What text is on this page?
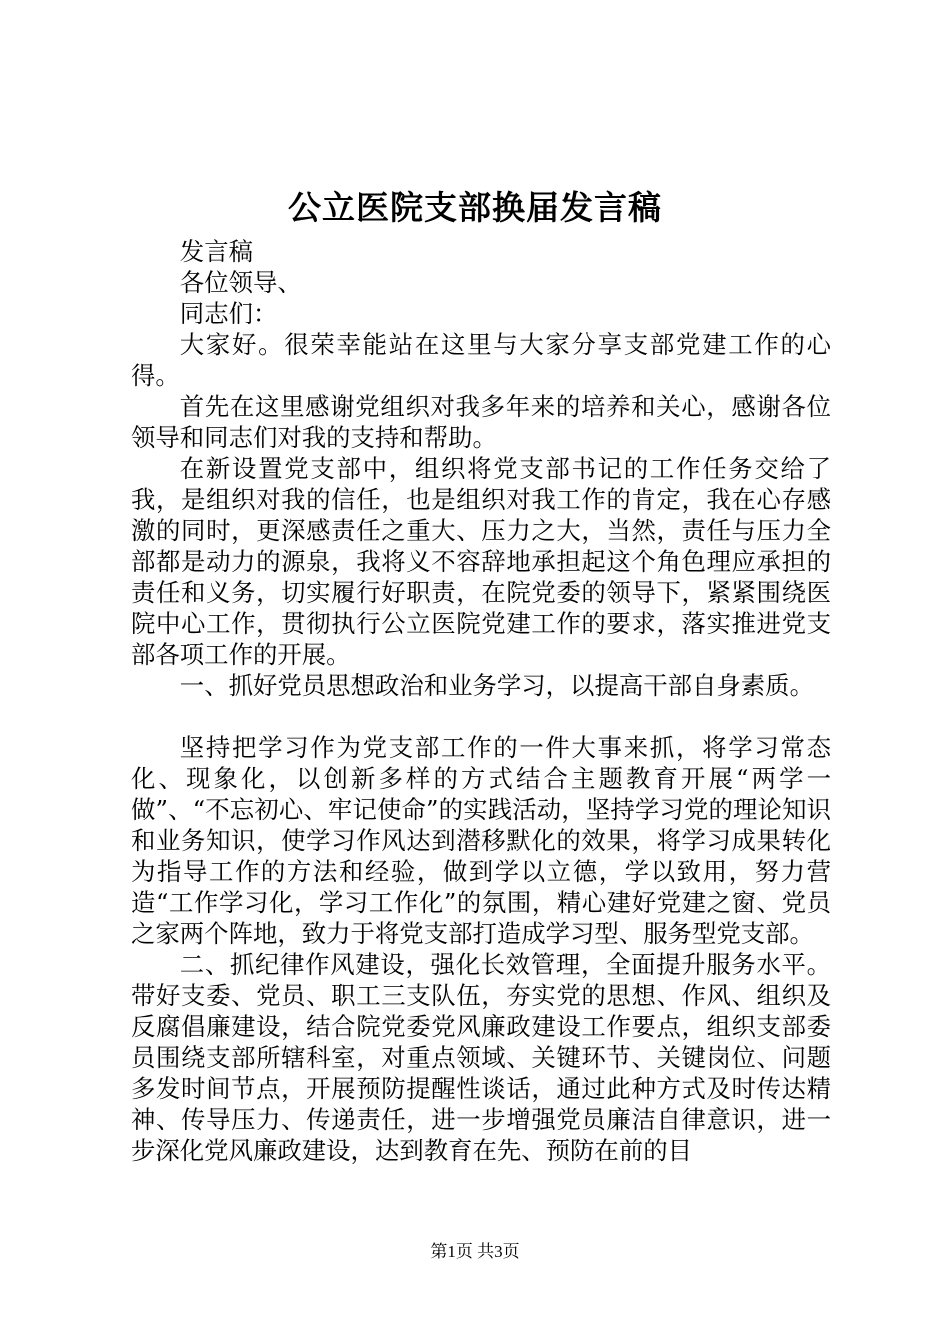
公立医院支部换届发言稿

发言稿

各位领导、

同志们：

大家好。很荣幸能站在这里与大家分享支部党建工作的心得。

首先在这里感谢党组织对我多年来的培养和关心，感谢各位领导和同志们对我的支持和帮助。

在新设置党支部中，组织将党支部书记的工作任务交给了我，是组织对我的信任，也是组织对我工作的肯定，我在心存感激的同时，更深感责任之重大、压力之大，当然，责任与压力全部都是动力的源泉，我将义不容辞地承担起这个角色理应承担的责任和义务，切实履行好职责，在院党委的领导下，紧紧围绕医院中心工作，贯彻执行公立医院党建工作的要求，落实推进党支部各项工作的开展。

一、抓好党员思想政治和业务学习，以提高干部自身素质。

坚持把学习作为党支部工作的一件大事来抓，将学习常态化、现象化，以创新多样的方式结合主题教育开展“两学一做”、“不忘初心、牢记使命”的实践活动，坚持学习党的理论知识和业务知识，使学习作风达到潜移默化的效果，将学习成果转化为指导工作的方法和经验，做到学以立德，学以致用，努力营造“工作学习化，学习工作化”的氛围，精心建好党建之窗、党员之家两个阵地，致力于将党支部打造成学习型、服务型党支部。

二、抓纪律作风建设，强化长效管理，全面提升服务水平。带好支委、党员、职工三支队伍，夯实党的思想、作风、组织及反腐倡廉建设，结合院党委党风廉政建设工作要点，组织支部委员围绕支部所辖科室，对重点领域、关键环节、关键岗位、问题多发时间节点，开展预防提醒性谈话，通过此种方式及时传达精神、传导压力、传递责任，进一步增强党员廉洁自律意识，进一步深化党风廉政建设，达到教育在先、预防在前的目

第1页 共3页
